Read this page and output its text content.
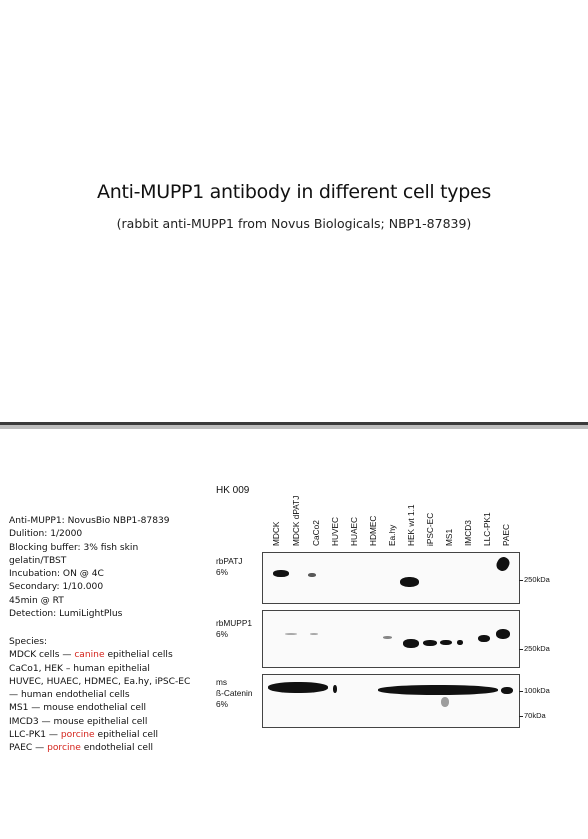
Anti-MUPP1 antibody in different cell types
(rabbit anti-MUPP1 from Novus Biologicals; NBP1-87839)
Anti-MUPP1: NovusBio NBP1-87839
Dulition: 1/2000
Blocking buffer: 3% fish skin
gelatin/TBST
Incubation: ON @ 4C
Secondary: 1/10.000
45min @ RT
Detection: LumiLightPlus
Species:
MDCK cells — canine epithelial cells
CaCo1, HEK – human epithelial
HUVEC, HUAEC, HDMEC, Ea.hy, iPSC-EC
— human endothelial cells
MS1 — mouse endothelial cell
IMCD3 — mouse epithelial cell
LLC-PK1 — porcine epithelial cell
PAEC — porcine endothelial cell
HK 009
MDCK MDCK dPATJ CaCo2 HUVEC HUAEC HDMEC Ea.hy HEK wt 1.1 iPSC-EC MS1 IMCD3 LLC-PK1 PAEC
rbPATJ
6%
250kDa
rbMUPP1
6%
250kDa
ms
ß-Catenin
6%
100kDa
70kDa
